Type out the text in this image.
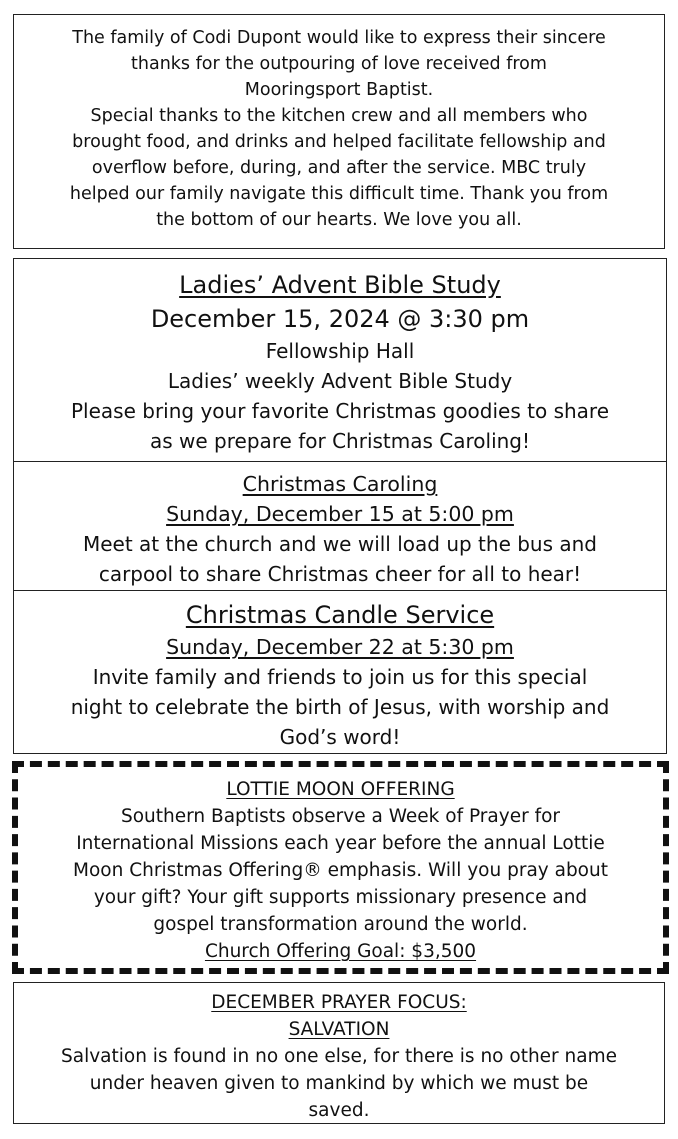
The family of Codi Dupont would like to express their sincere

thanks for the outpouring of love received from

Mooringsport Baptist.

Special thanks to the kitchen crew and all members who

brought food, and drinks and helped facilitate fellowship and

overflow before, during, and after the service. MBC truly

helped our family navigate this difficult time. Thank you from

the bottom of our hearts. We love you all.

Ladies’ Advent Bible Study

December 15, 2024 @ 3:30 pm

Fellowship Hall

Ladies’ weekly Advent Bible Study

Please bring your favorite Christmas goodies to share

as we prepare for Christmas Caroling!

Christmas Caroling

Sunday, December 15 at 5:00 pm

Meet at the church and we will load up the bus and

carpool to share Christmas cheer for all to hear!

Christmas Candle Service

Sunday, December 22 at 5:30 pm

Invite family and friends to join us for this special

night to celebrate the birth of Jesus, with worship and

God’s word!

LOTTIE MOON OFFERING

Southern Baptists observe a Week of Prayer for

International Missions each year before the annual Lottie

Moon Christmas Offering® emphasis. Will you pray about

your gift? Your gift supports missionary presence and

gospel transformation around the world.

Church Offering Goal: $3,500

DECEMBER PRAYER FOCUS:

SALVATION

Salvation is found in no one else, for there is no other name

under heaven given to mankind by which we must be

saved.
